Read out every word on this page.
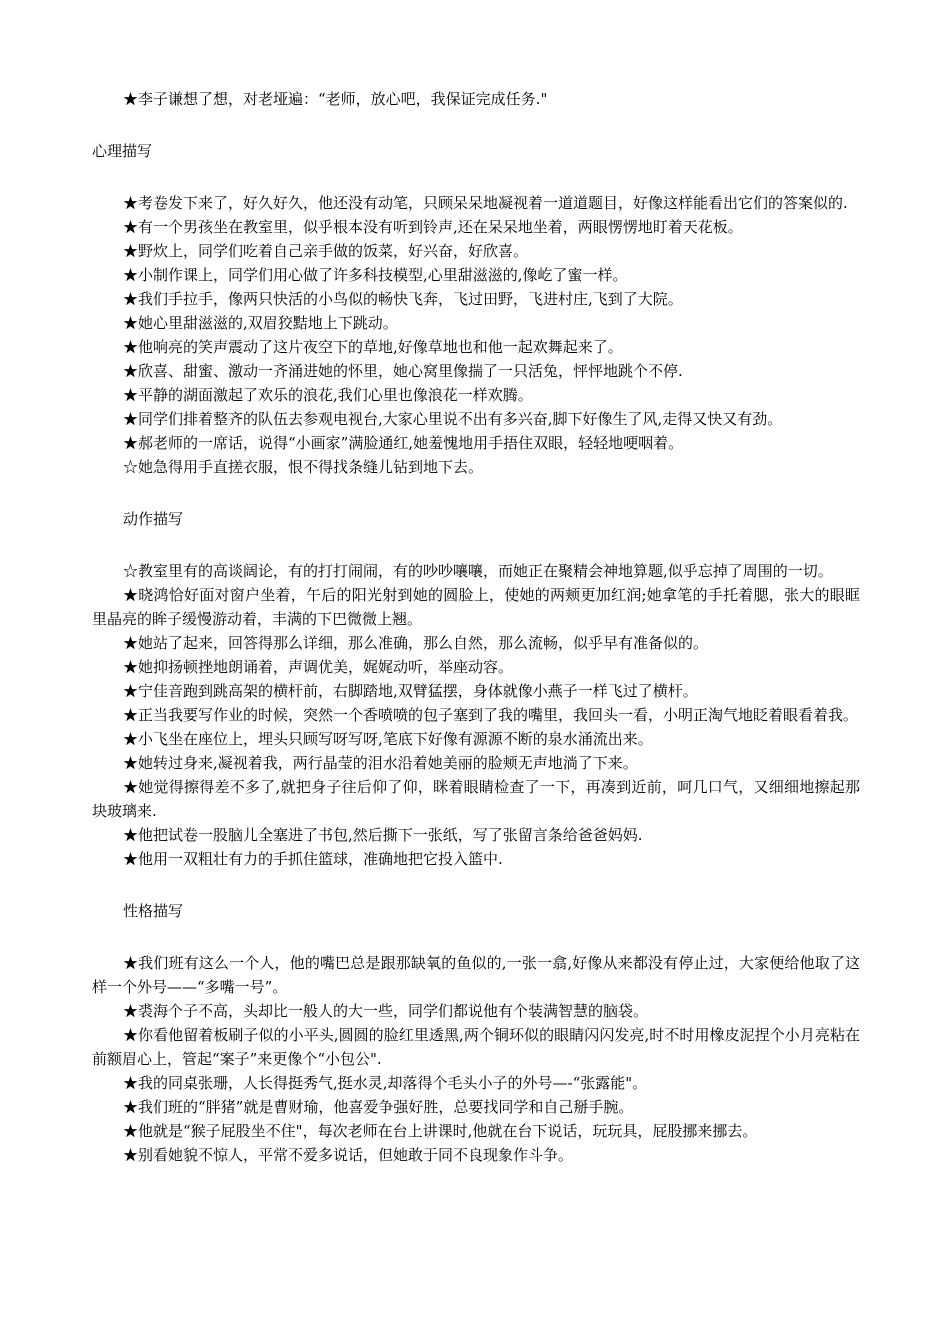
★李子谦想了想，对老垭遍：“老师，放心吧，我保证完成任务."

心理描写

★考卷发下来了，好久好久，他还没有动笔，只顾呆呆地凝视着一道道题目，好像这样能看出它们的答案似的.

★有一个男孩坐在教室里，似乎根本没有听到铃声,还在呆呆地坐着，两眼愣愣地盯着天花板。

★野炊上，同学们吃着自己亲手做的饭菜，好兴奋，好欣喜。

★小制作课上，同学们用心做了许多科技模型,心里甜滋滋的,像屹了蜜一样。

★我们手拉手，像两只快活的小鸟似的畅快飞奔，飞过田野，飞进村庄,飞到了大院。

★她心里甜滋滋的,双眉狡黠地上下跳动。

★他响亮的笑声震动了这片夜空下的草地,好像草地也和他一起欢舞起来了。

★欣喜、甜蜜、激动一齐涌进她的怀里，她心窝里像揣了一只活兔，怦怦地跳个不停.

★平静的湖面激起了欢乐的浪花,我们心里也像浪花一样欢腾。

★同学们排着整齐的队伍去参观电视台,大家心里说不出有多兴奋,脚下好像生了风,走得又快又有劲。

★郝老师的一席话，说得“小画家”满脸通红,她羞愧地用手捂住双眼，轻轻地哽咽着。

☆她急得用手直搓衣服，恨不得找条缝儿钻到地下去。

动作描写

☆教室里有的高谈阔论，有的打打闹闹，有的吵吵嚷嚷，而她正在聚精会神地算题,似乎忘掉了周围的一切。

★晓鸿恰好面对窗户坐着，午后的阳光射到她的圆脸上，使她的两颊更加红润;她拿笔的手托着腮，张大的眼眶里晶亮的眸子缓慢游动着，丰满的下巴微微上翘。

★她站了起来，回答得那么详细，那么准确，那么自然，那么流畅，似乎早有准备似的。

★她抑扬顿挫地朗诵着，声调优美，娓娓动听，举座动容。

★宁佳音跑到跳高架的横杆前，右脚踏地,双臂猛摆，身体就像小燕子一样飞过了横杆。

★正当我要写作业的时候，突然一个香喷喷的包子塞到了我的嘴里，我回头一看，小明正淘气地眨着眼看着我。

★小飞坐在座位上，埋头只顾写呀写呀,笔底下好像有源源不断的泉水涌流出来。

★她转过身来,凝视着我，两行晶莹的泪水沿着她美丽的脸颊无声地淌了下来。

★她觉得擦得差不多了,就把身子往后仰了仰，眯着眼睛检查了一下，再凑到近前，呵几口气，又细细地擦起那块玻璃来.

★他把试卷一股脑儿全塞进了书包,然后撕下一张纸，写了张留言条给爸爸妈妈.

★他用一双粗壮有力的手抓住篮球，准确地把它投入篮中.

性格描写

★我们班有这么一个人，他的嘴巴总是跟那缺氧的鱼似的,一张一翕,好像从来都没有停止过，大家便给他取了这样一个外号——“多嘴一号”。

★裘海个子不高，头却比一般人的大一些，同学们都说他有个装满智慧的脑袋。

★你看他留着板刷子似的小平头,圆圆的脸红里透黑,两个铜环似的眼睛闪闪发亮,时不时用橡皮泥捏个小月亮粘在前额眉心上，管起“案子”来更像个“小包公".

★我的同桌张珊，人长得挺秀气,挺水灵,却落得个毛头小子的外号—-“张露能"。

★我们班的“胖猪”就是曹财瑜，他喜爱争强好胜，总要找同学和自己掰手腕。

★他就是“猴子屁股坐不住"，每次老师在台上讲课时,他就在台下说话，玩玩具，屁股挪来挪去。

★别看她貌不惊人，平常不爱多说话，但她敢于同不良现象作斗争。
